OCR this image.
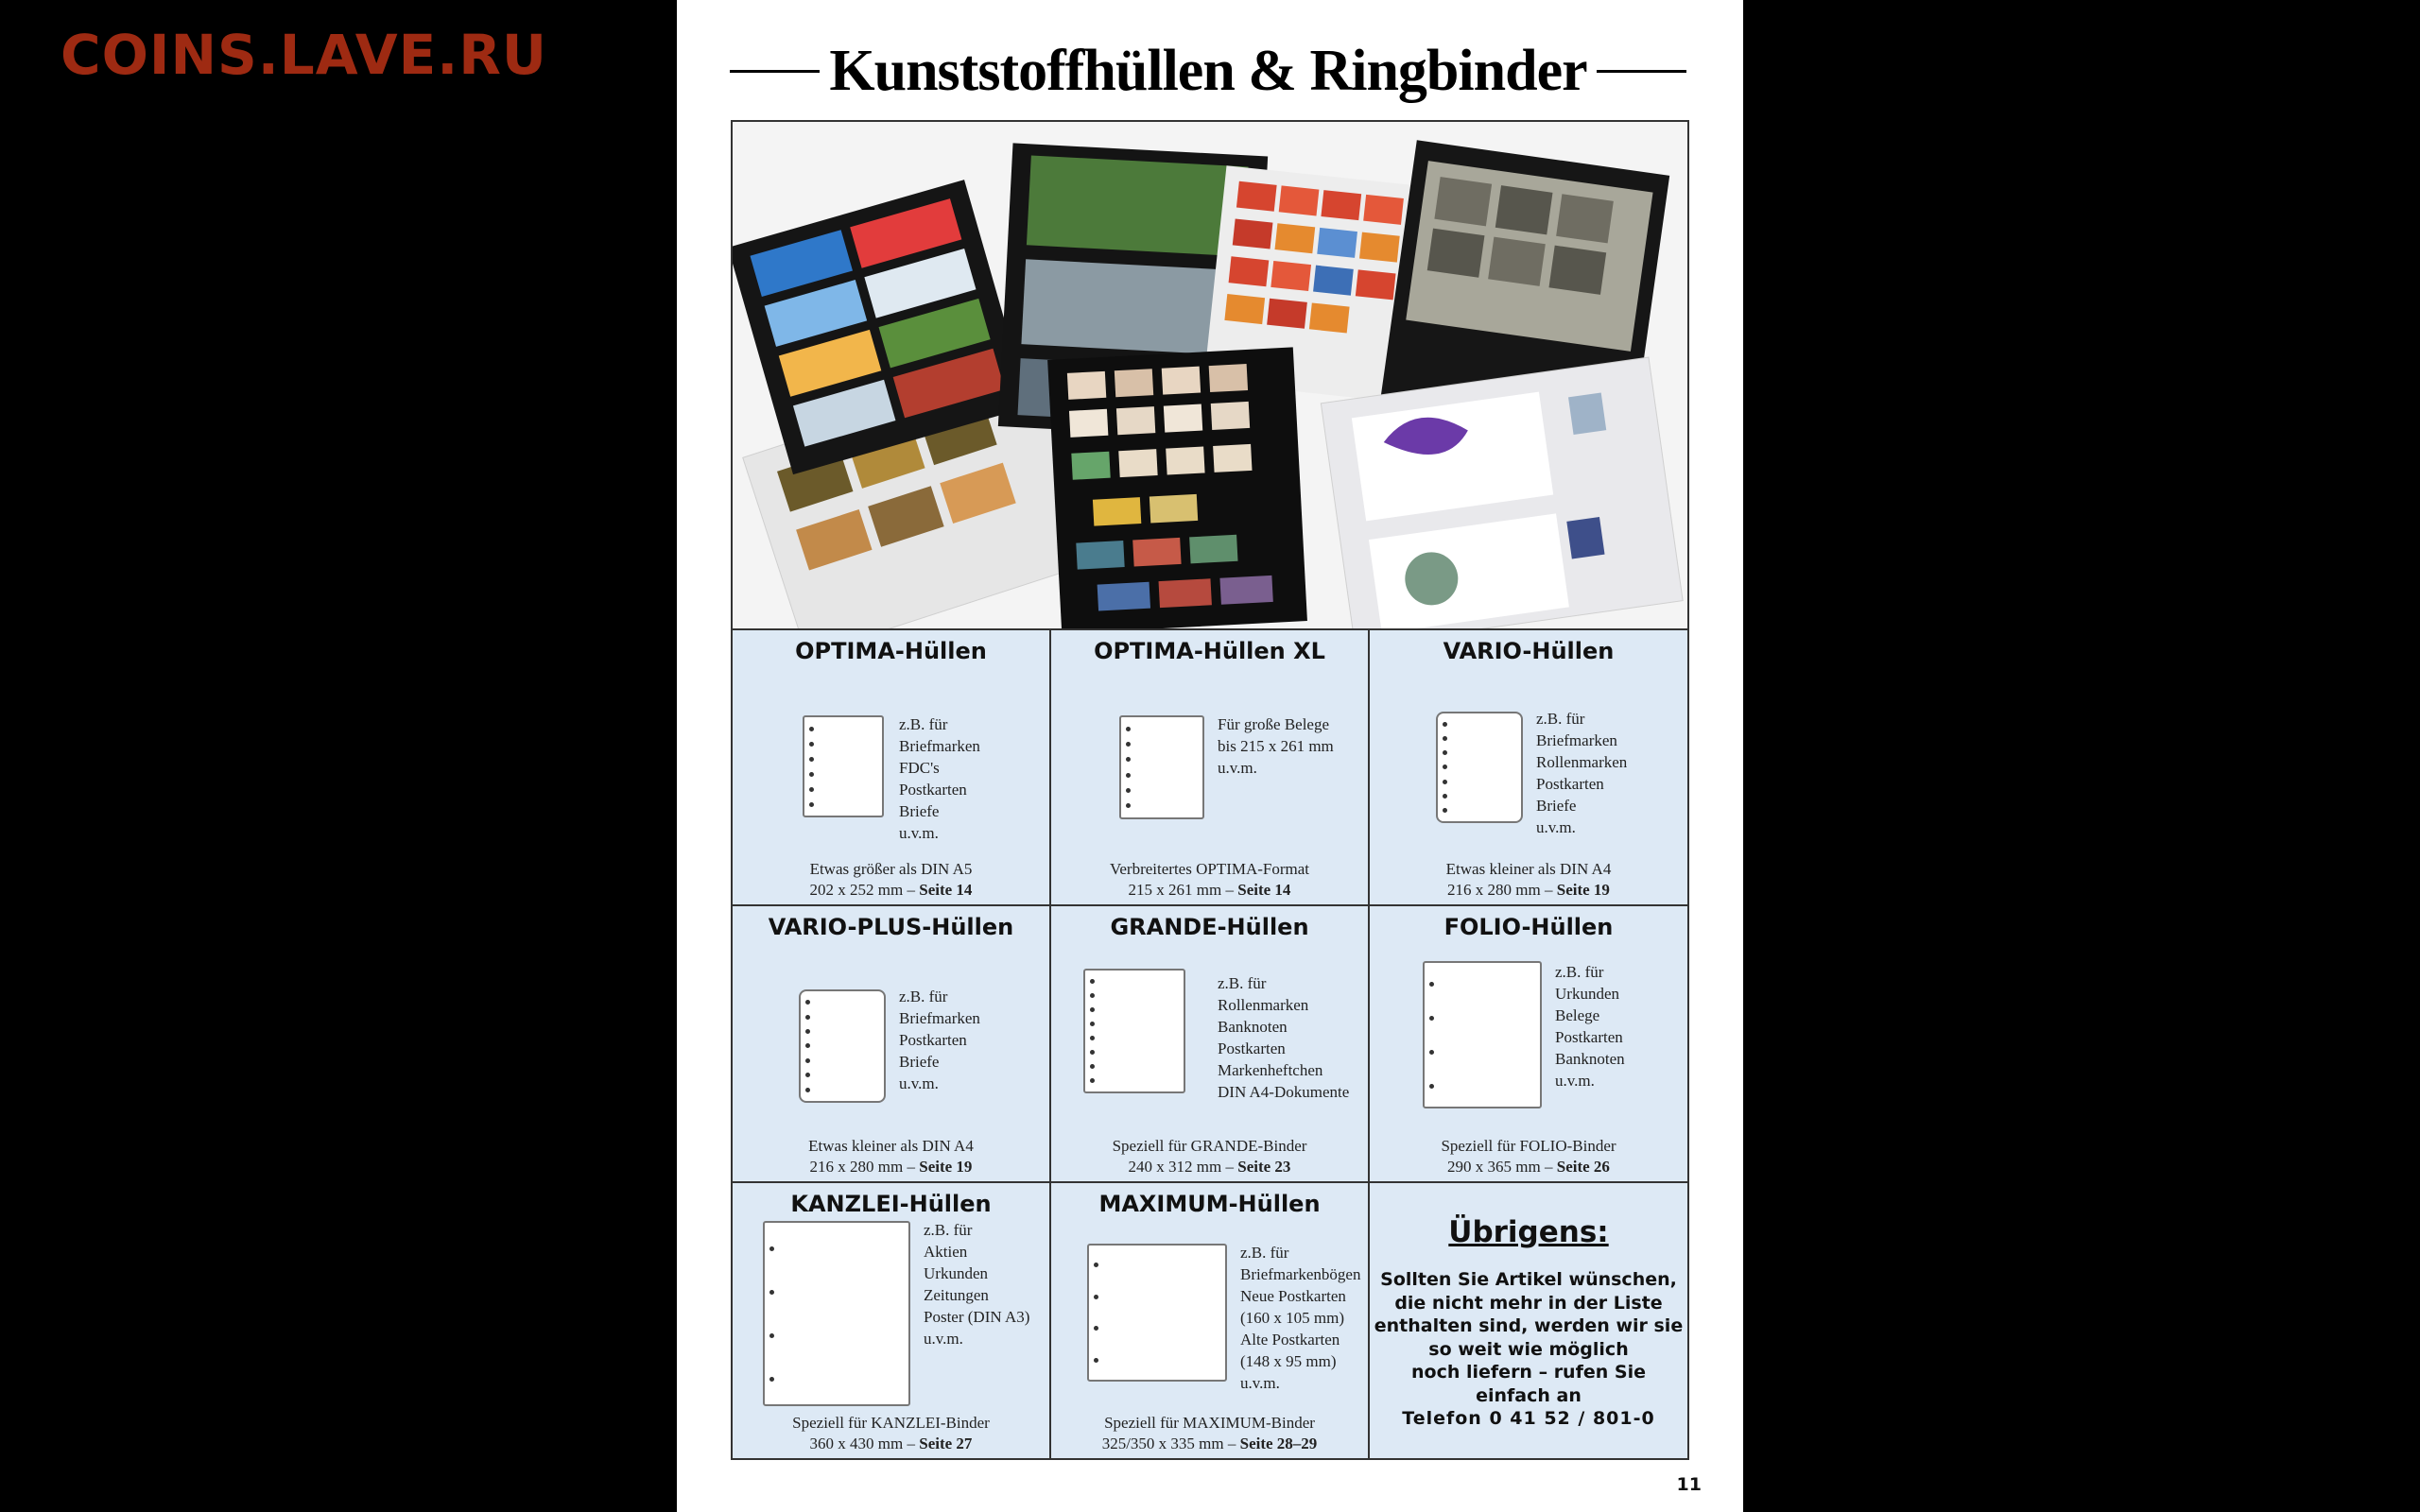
COINS.LAVE.RU	Kunststoffhüllen & Ringbinder
OPTIMA-Hüllen
z.B. für
Briefmarken
FDC's
Postkarten
Briefe
u.v.m.
Etwas größer als DIN A5
202 x 252 mm – Seite 14
OPTIMA-Hüllen XL
Für große Belege
bis 215 x 261 mm
u.v.m.
Verbreitertes OPTIMA-Format
215 x 261 mm – Seite 14
VARIO-Hüllen
z.B. für
Briefmarken
Rollenmarken
Postkarten
Briefe
u.v.m.
Etwas kleiner als DIN A4
216 x 280 mm – Seite 19
VARIO-PLUS-Hüllen
z.B. für
Briefmarken
Postkarten
Briefe
u.v.m.
Etwas kleiner als DIN A4
216 x 280 mm – Seite 19
GRANDE-Hüllen
z.B. für
Rollenmarken
Banknoten
Postkarten
Markenheftchen
DIN A4-Dokumente
Speziell für GRANDE-Binder
240 x 312 mm – Seite 23
FOLIO-Hüllen
z.B. für
Urkunden
Belege
Postkarten
Banknoten
u.v.m.
Speziell für FOLIO-Binder
290 x 365 mm – Seite 26
KANZLEI-Hüllen
z.B. für
Aktien
Urkunden
Zeitungen
Poster (DIN A3)
u.v.m.
Speziell für KANZLEI-Binder
360 x 430 mm – Seite 27
MAXIMUM-Hüllen
z.B. für
Briefmarkenbögen
Neue Postkarten
(160 x 105 mm)
Alte Postkarten
(148 x 95 mm)
u.v.m.
Speziell für MAXIMUM-Binder
325/350 x 335 mm – Seite 28–29
Übrigens:
Sollten Sie Artikel wünschen,
die nicht mehr in der Liste
enthalten sind, werden wir sie
so weit wie möglich
noch liefern – rufen Sie
einfach an
Telefon 0 41 52 / 801-0
11
